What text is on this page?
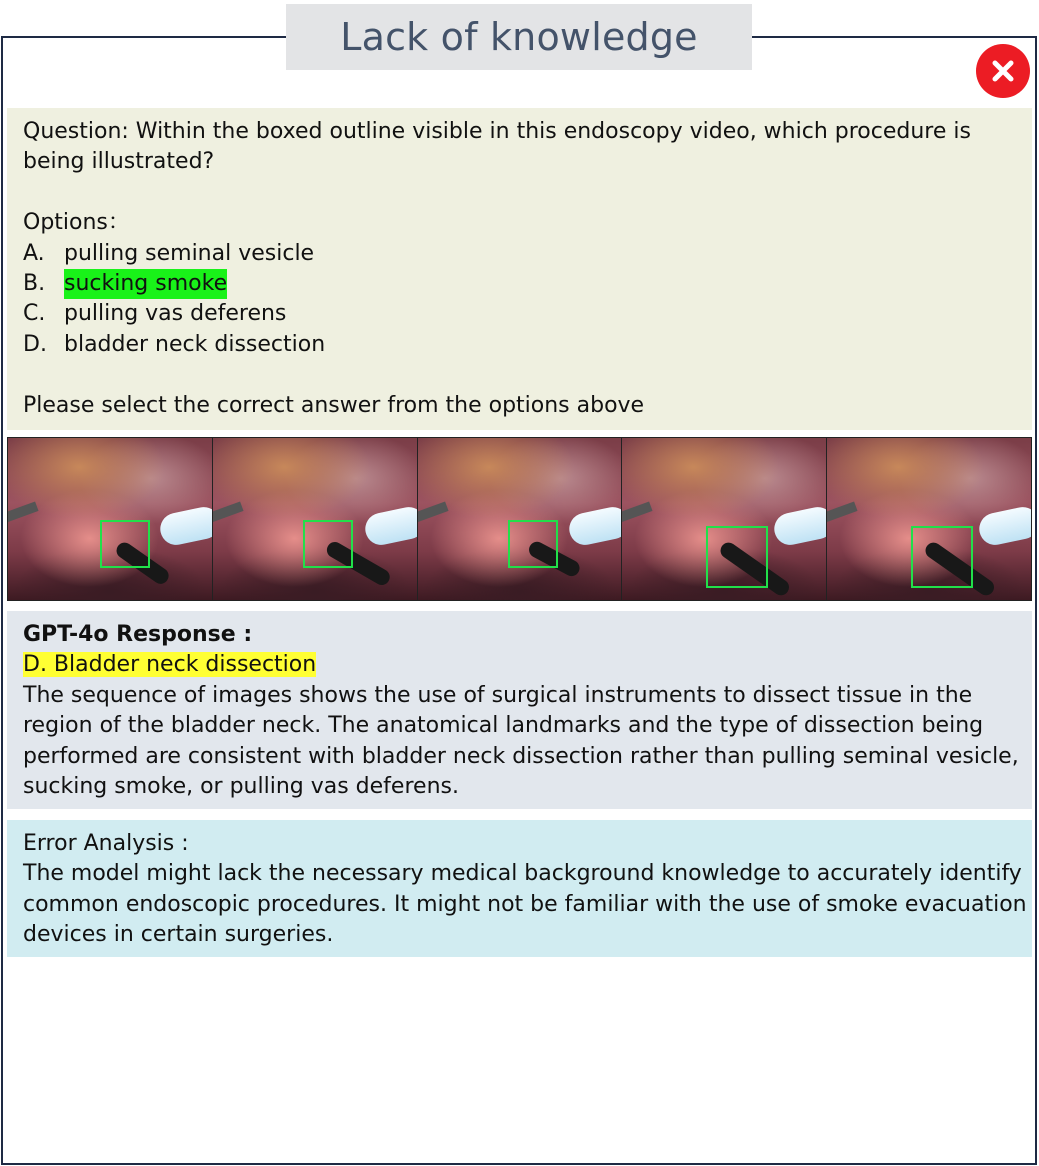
Lack of knowledge
Question: Within the boxed outline visible in this endoscopy video, which procedure is
being illustrated?
Options：
A. pulling seminal vesicle
B. sucking smoke
C. pulling vas deferens
D. bladder neck dissection
Please select the correct answer from the options above
GPT-4o Response :
D. Bladder neck dissection
The sequence of images shows the use of surgical instruments to dissect tissue in the
region of the bladder neck. The anatomical landmarks and the type of dissection being
performed are consistent with bladder neck dissection rather than pulling seminal vesicle,
sucking smoke, or pulling vas deferens.
Error Analysis :
The model might lack the necessary medical background knowledge to accurately identify
common endoscopic procedures. It might not be familiar with the use of smoke evacuation
devices in certain surgeries.
